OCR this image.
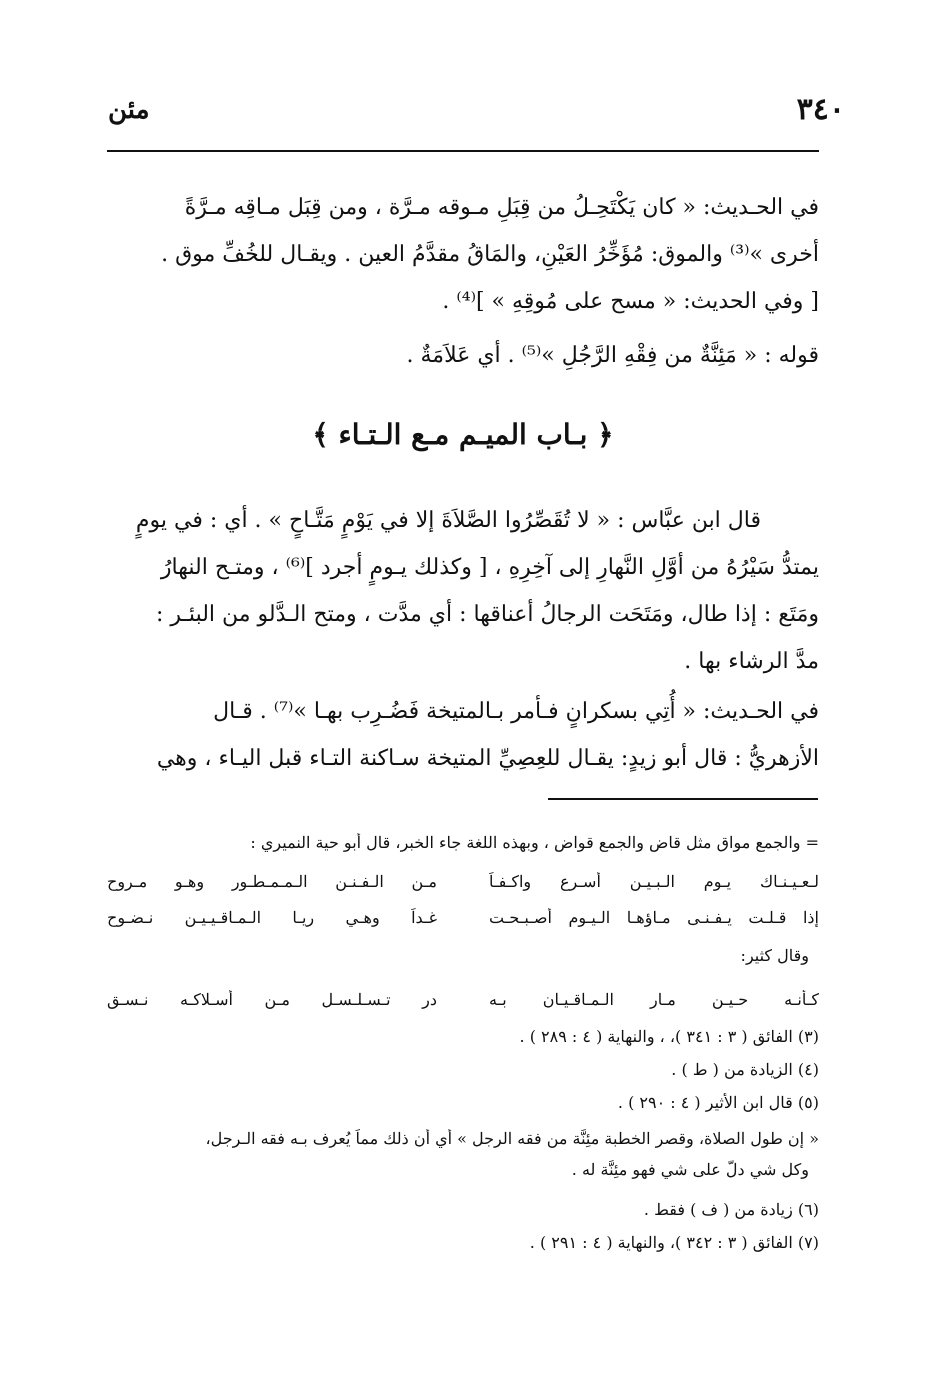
٣٤٠
مئن
في الحـديث: « كان يَكْتَحِـلُ من قِبَلِ مـوقه مـرَّة ، ومن قِبَل مـاقِه مـرَّةً
أخرى »⁽³⁾ والموق: مُؤَخِّرُ العَيْنِ، والمَاقُ مقدَّمُ العين . ويقـال للخُفِّ موق .
[ وفي الحديث: « مسح على مُوقِهِ » ]⁽⁴⁾ .
قوله : « مَئِنَّةٌ من فِقْهِ الرَّجُلِ »⁽⁵⁾ . أي عَلاَمَةٌ .
﴿ بـاب الميـم مـع الـتـاء ﴾
قال ابن عبَّاس : « لا تُقَصِّرُوا الصَّلاَةَ إلا في يَوْمٍ مَتَّـاحٍ » . أي : في يومٍ
يمتدُّ سَيْرُهُ من أوَّلِ النَّهارِ إلى آخِرِهِ ، [ وكذلك يـومٍ أجرد ]⁽⁶⁾ ، ومتـح النهارُ
ومَتَع : إذا طال، ومَتَحَت الرجالُ أعناقها : أي مدَّت ، ومتح الـدَّلو من البئـر :
مدَّ الرشاء بها .
في الحـديث: « أُتِي بسكرانٍ فـأمر بـالمتيخة فَضُـرِب بهـا »⁽⁷⁾ . قـال
الأزهريُّ : قال أبو زيدٍ: يقـال للعِصِيِّ المتيخة سـاكنة التـاء قبل اليـاء ، وهي
= والجمع مواقٍ مثل قاضٍ والجمع قواضٍ ، وبهذه اللغة جاء الخبر، قال أبو حية النميري :
لـعـيـنـاك يـوم الـبـيـن أسـرع واكـفـاً
مـن الـفـنـن الـمـمـطـور وهـو مـروح
إذا قـلـت يـفـنـى مـاؤهـا الـيـوم أصـبـحـت
غـداً وهـي ريـا الـمـاقـيـيـن نـضـوح
وقال كثير:
كـأنـه حـيـن مـار الـمـاقـيـان بـه
در تـسـلـسـل مـن أسـلاكـه نـسـق
(٣) الفائق ( ٣ : ٣٤١ )، ، والنهاية ( ٤ : ٢٨٩ ) .
(٤) الزيادة من ( ط ) .
(٥) قال ابن الأثير ( ٤ : ٢٩٠ ) .
« إن طول الصلاة، وقصر الخطبة مئِنَّة من فقه الرجل » أي أن ذلك مماً يُعرف بـه فقه الـرجل،
وكل شي دلَّ على شي فهو مئِنَّة له .
(٦) زيادة من ( ف ) فقط .
(٧) الفائق ( ٣ : ٣٤٢ )، والنهاية ( ٤ : ٢٩١ ) .
